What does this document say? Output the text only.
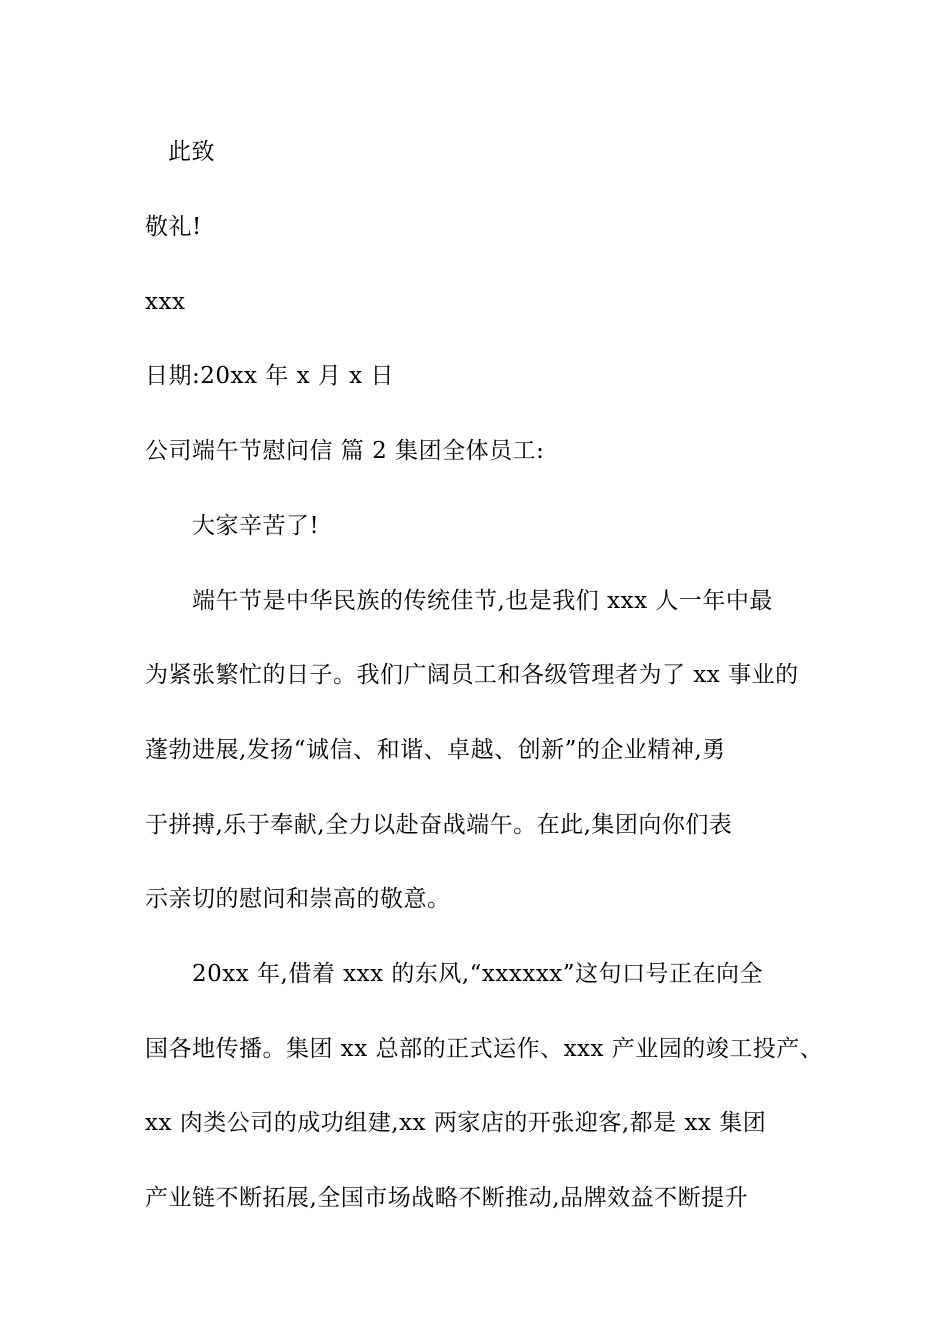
此致
敬礼!
xxx
日期:20xx 年 x 月 x 日
公司端午节慰问信 篇 2 集团全体员工:
大家辛苦了!
端午节是中华民族的传统佳节,也是我们 xxx 人一年中最
为紧张繁忙的日子。我们广阔员工和各级管理者为了 xx 事业的
蓬勃进展,发扬“诚信、和谐、卓越、创新”的企业精神,勇
于拼搏,乐于奉献,全力以赴奋战端午。在此,集团向你们表
示亲切的慰问和崇高的敬意。
20xx 年,借着 xxx 的东风,“xxxxxx”这句口号正在向全
国各地传播。集团 xx 总部的正式运作、xxx 产业园的竣工投产、
xx 肉类公司的成功组建,xx 两家店的开张迎客,都是 xx 集团
产业链不断拓展,全国市场战略不断推动,品牌效益不断提升
